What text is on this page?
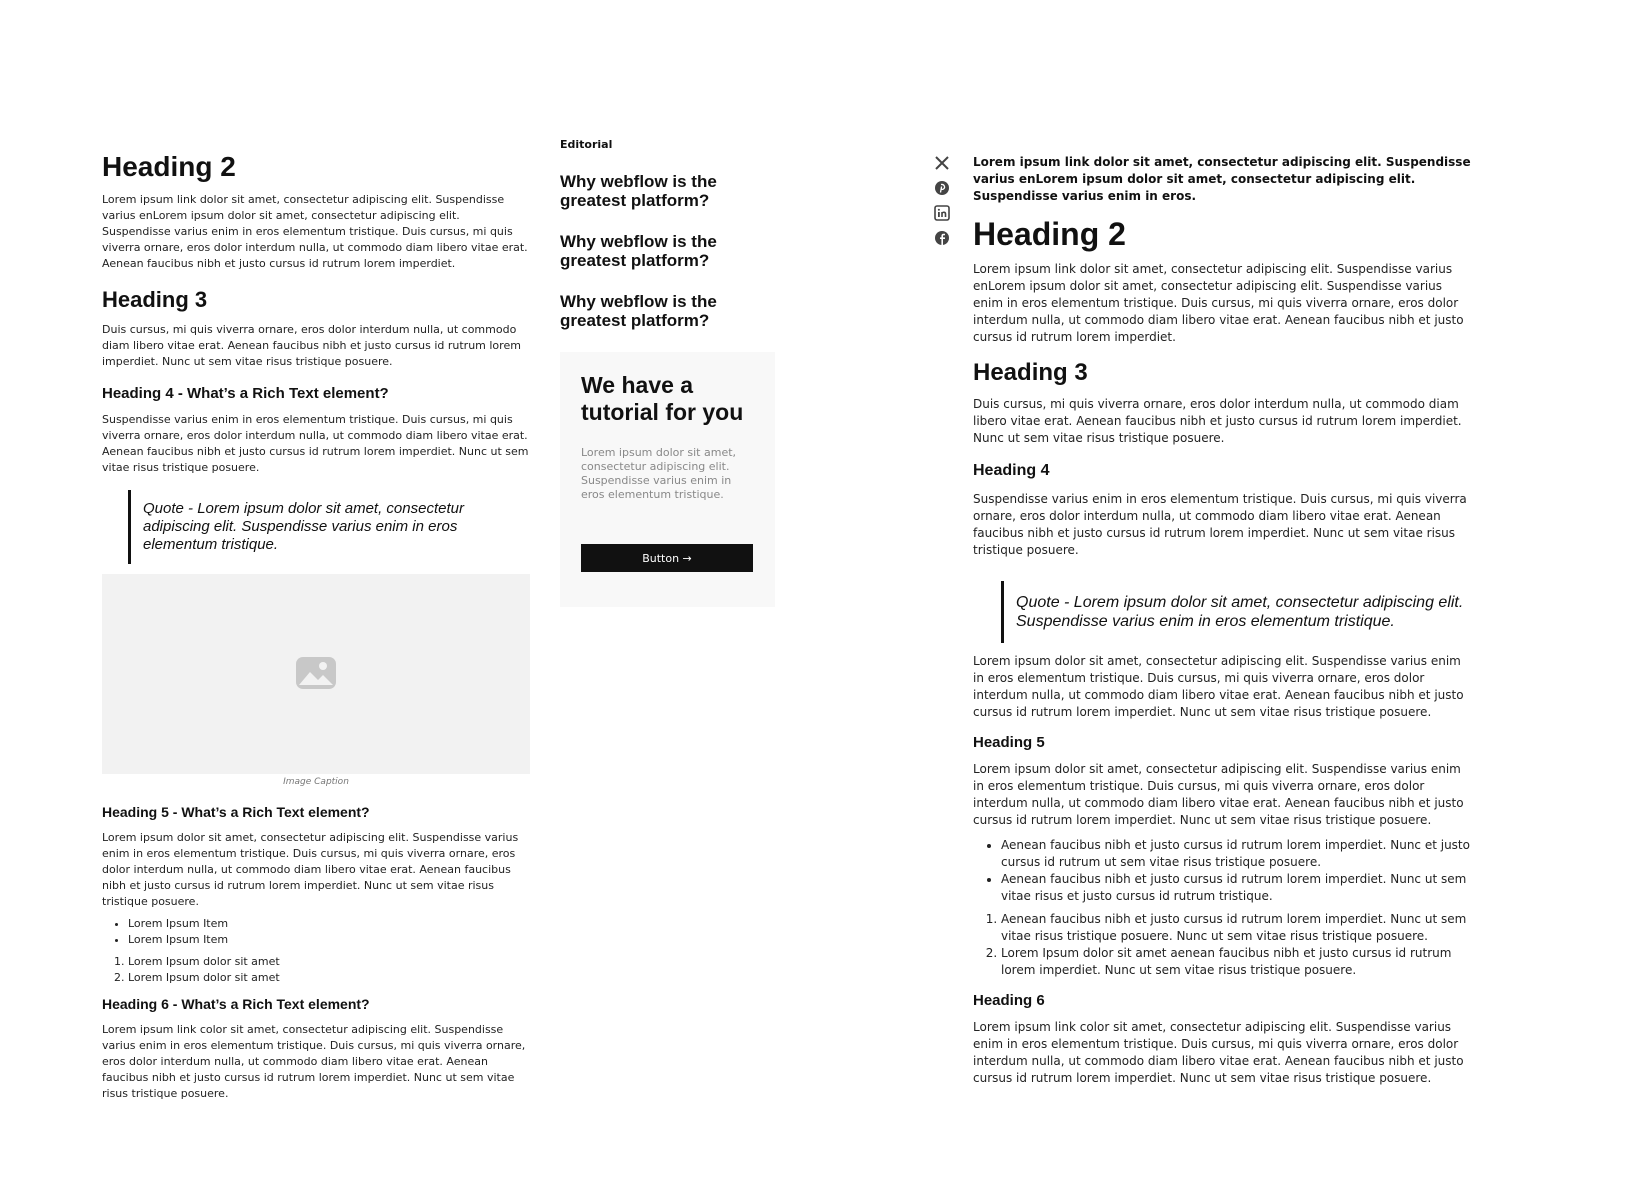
Heading 2

Lorem ipsum link dolor sit amet, consectetur adipiscing elit. Suspendisse varius enLorem ipsum dolor sit amet, consectetur adipiscing elit. Suspendisse varius enim in eros elementum tristique. Duis cursus, mi quis viverra ornare, eros dolor interdum nulla, ut commodo diam libero vitae erat. Aenean faucibus nibh et justo cursus id rutrum lorem imperdiet.

Heading 3

Duis cursus, mi quis viverra ornare, eros dolor interdum nulla, ut commodo diam libero vitae erat. Aenean faucibus nibh et justo cursus id rutrum lorem imperdiet. Nunc ut sem vitae risus tristique posuere.

Heading 4 - What’s a Rich Text element?

Suspendisse varius enim in eros elementum tristique. Duis cursus, mi quis viverra ornare, eros dolor interdum nulla, ut commodo diam libero vitae erat. Aenean faucibus nibh et justo cursus id rutrum lorem imperdiet. Nunc ut sem vitae risus tristique posuere.

Quote - Lorem ipsum dolor sit amet, consectetur adipiscing elit. Suspendisse varius enim in eros elementum tristique.
Image Caption
Heading 5 - What’s a Rich Text element?

Lorem ipsum dolor sit amet, consectetur adipiscing elit. Suspendisse varius enim in eros elementum tristique. Duis cursus, mi quis viverra ornare, eros dolor interdum nulla, ut commodo diam libero vitae erat. Aenean faucibus nibh et justo cursus id rutrum lorem imperdiet. Nunc ut sem vitae risus tristique posuere.

• Lorem Ipsum Item
• Lorem Ipsum Item
1. Lorem Ipsum dolor sit amet
2. Lorem Ipsum dolor sit amet
Heading 6 - What’s a Rich Text element?

Lorem ipsum link color sit amet, consectetur adipiscing elit. Suspendisse varius enim in eros elementum tristique. Duis cursus, mi quis viverra ornare, eros dolor interdum nulla, ut commodo diam libero vitae erat. Aenean faucibus nibh et justo cursus id rutrum lorem imperdiet. Nunc ut sem vitae risus tristique posuere.

Editorial

Why webflow is the greatest platform?

Why webflow is the greatest platform?

Why webflow is the greatest platform?

We have a tutorial for you

Lorem ipsum dolor sit amet, consectetur adipiscing elit. Suspendisse varius enim in eros elementum tristique.

Button →

Lorem ipsum link dolor sit amet, consectetur adipiscing elit. Suspendisse varius enLorem ipsum dolor sit amet, consectetur adipiscing elit. Suspendisse varius enim in eros.

Heading 2

Lorem ipsum link dolor sit amet, consectetur adipiscing elit. Suspendisse varius enLorem ipsum dolor sit amet, consectetur adipiscing elit. Suspendisse varius enim in eros elementum tristique. Duis cursus, mi quis viverra ornare, eros dolor interdum nulla, ut commodo diam libero vitae erat. Aenean faucibus nibh et justo cursus id rutrum lorem imperdiet.

Heading 3

Duis cursus, mi quis viverra ornare, eros dolor interdum nulla, ut commodo diam libero vitae erat. Aenean faucibus nibh et justo cursus id rutrum lorem imperdiet. Nunc ut sem vitae risus tristique posuere.

Heading 4

Suspendisse varius enim in eros elementum tristique. Duis cursus, mi quis viverra ornare, eros dolor interdum nulla, ut commodo diam libero vitae erat. Aenean faucibus nibh et justo cursus id rutrum lorem imperdiet. Nunc ut sem vitae risus tristique posuere.

Quote - Lorem ipsum dolor sit amet, consectetur adipiscing elit. Suspendisse varius enim in eros elementum tristique.

Lorem ipsum dolor sit amet, consectetur adipiscing elit. Suspendisse varius enim in eros elementum tristique. Duis cursus, mi quis viverra ornare, eros dolor interdum nulla, ut commodo diam libero vitae erat. Aenean faucibus nibh et justo cursus id rutrum lorem imperdiet. Nunc ut sem vitae risus tristique posuere.

Heading 5

Lorem ipsum dolor sit amet, consectetur adipiscing elit. Suspendisse varius enim in eros elementum tristique. Duis cursus, mi quis viverra ornare, eros dolor interdum nulla, ut commodo diam libero vitae erat. Aenean faucibus nibh et justo cursus id rutrum lorem imperdiet. Nunc ut sem vitae risus tristique posuere.

• Aenean faucibus nibh et justo cursus id rutrum lorem imperdiet. Nunc et justo cursus id rutrum ut sem vitae risus tristique posuere.
• Aenean faucibus nibh et justo cursus id rutrum lorem imperdiet. Nunc ut sem vitae risus et justo cursus id rutrum tristique.
1. Aenean faucibus nibh et justo cursus id rutrum lorem imperdiet. Nunc ut sem vitae risus tristique posuere. Nunc ut sem vitae risus tristique posuere.
2. Lorem Ipsum dolor sit amet aenean faucibus nibh et justo cursus id rutrum lorem imperdiet. Nunc ut sem vitae risus tristique posuere.
Heading 6

Lorem ipsum link color sit amet, consectetur adipiscing elit. Suspendisse varius enim in eros elementum tristique. Duis cursus, mi quis viverra ornare, eros dolor interdum nulla, ut commodo diam libero vitae erat. Aenean faucibus nibh et justo cursus id rutrum lorem imperdiet. Nunc ut sem vitae risus tristique posuere.
